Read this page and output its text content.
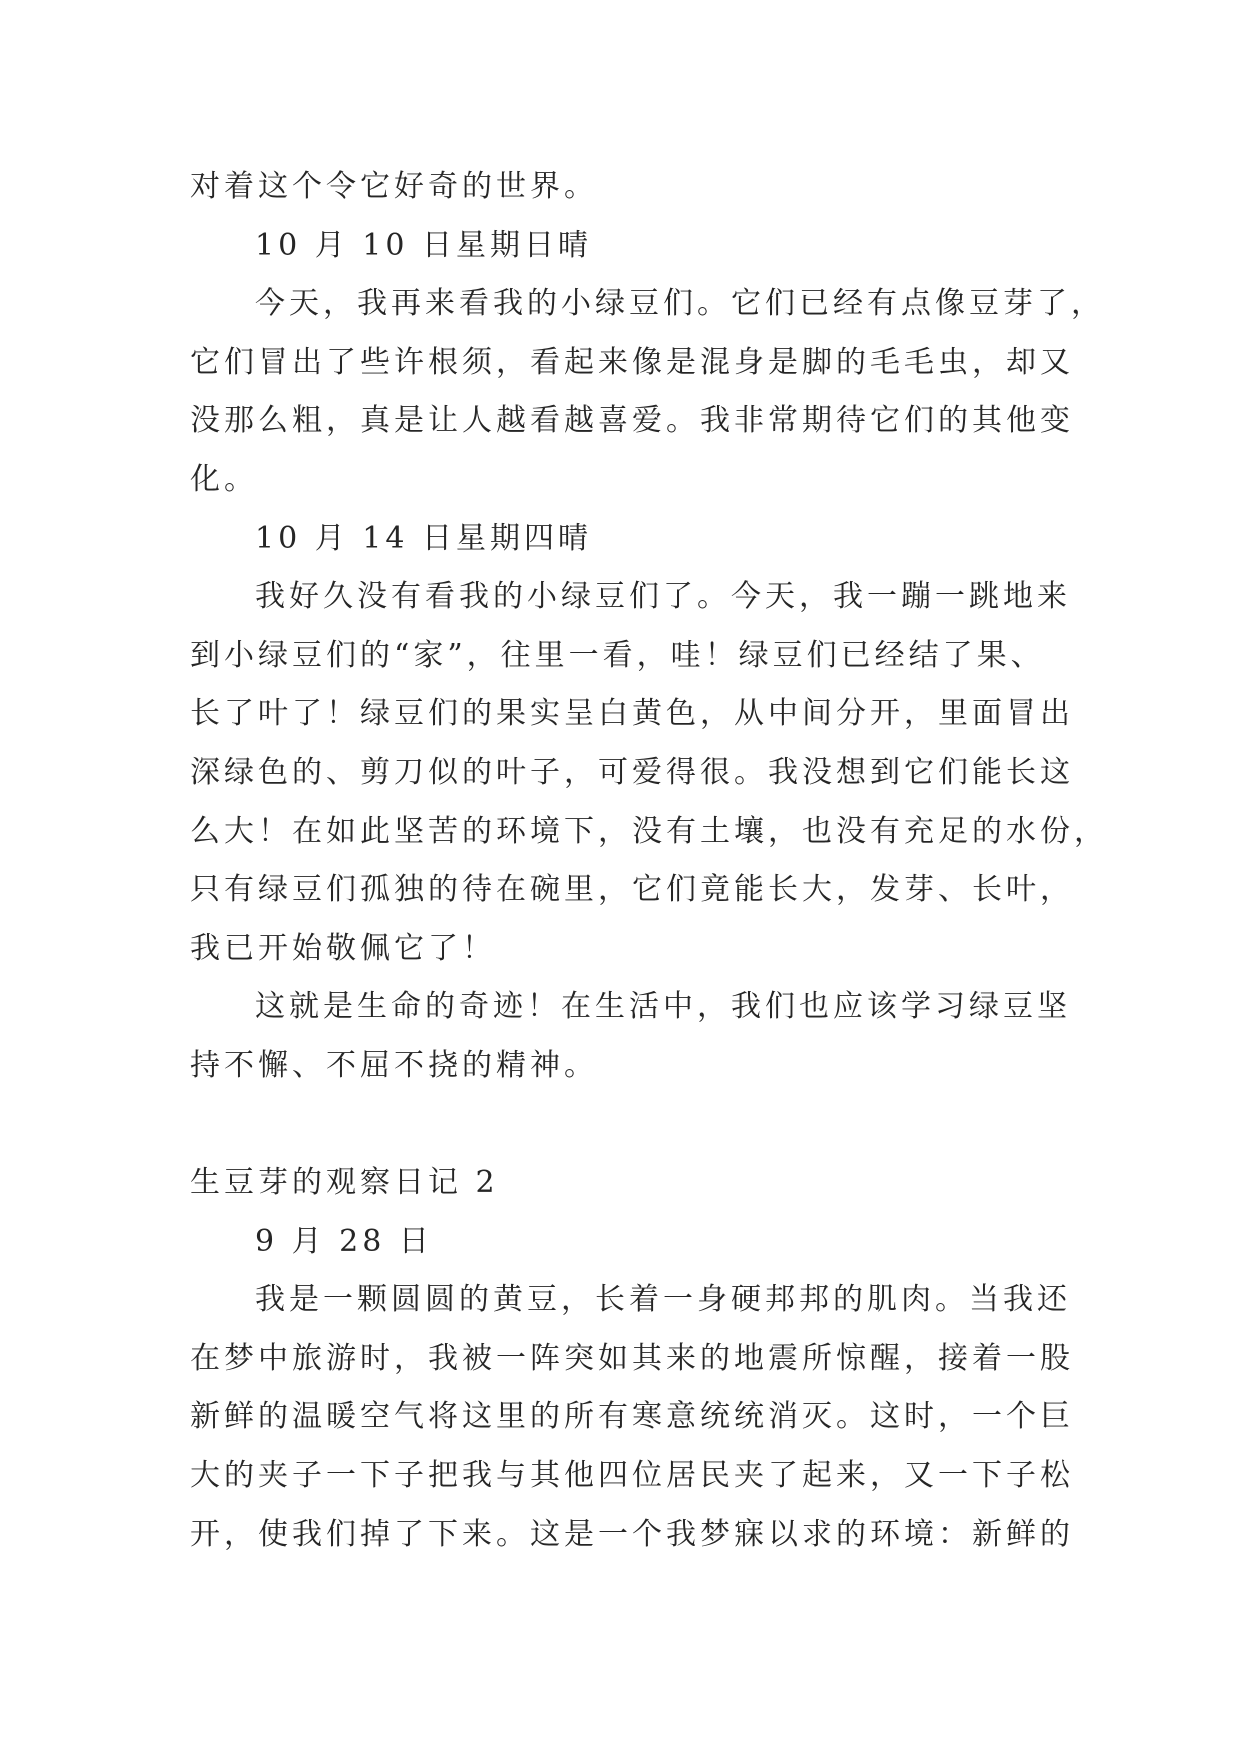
对着这个令它好奇的世界。
10 月 10 日星期日晴
今天，我再来看我的小绿豆们。它们已经有点像豆芽了，
它们冒出了些许根须，看起来像是混身是脚的毛毛虫，却又
没那么粗，真是让人越看越喜爱。我非常期待它们的其他变
化。
10 月 14 日星期四晴
我好久没有看我的小绿豆们了。今天，我一蹦一跳地来
到小绿豆们的“家”，往里一看，哇！绿豆们已经结了果、
长了叶了！绿豆们的果实呈白黄色，从中间分开，里面冒出
深绿色的、剪刀似的叶子，可爱得很。我没想到它们能长这
么大！在如此坚苦的环境下，没有土壤，也没有充足的水份，
只有绿豆们孤独的待在碗里，它们竟能长大，发芽、长叶，
我已开始敬佩它了！
这就是生命的奇迹！在生活中，我们也应该学习绿豆坚
持不懈、不屈不挠的精神。
生豆芽的观察日记 2
9 月 28 日
我是一颗圆圆的黄豆，长着一身硬邦邦的肌肉。当我还
在梦中旅游时，我被一阵突如其来的地震所惊醒，接着一股
新鲜的温暖空气将这里的所有寒意统统消灭。这时，一个巨
大的夹子一下子把我与其他四位居民夹了起来，又一下子松
开，使我们掉了下来。这是一个我梦寐以求的环境：新鲜的
